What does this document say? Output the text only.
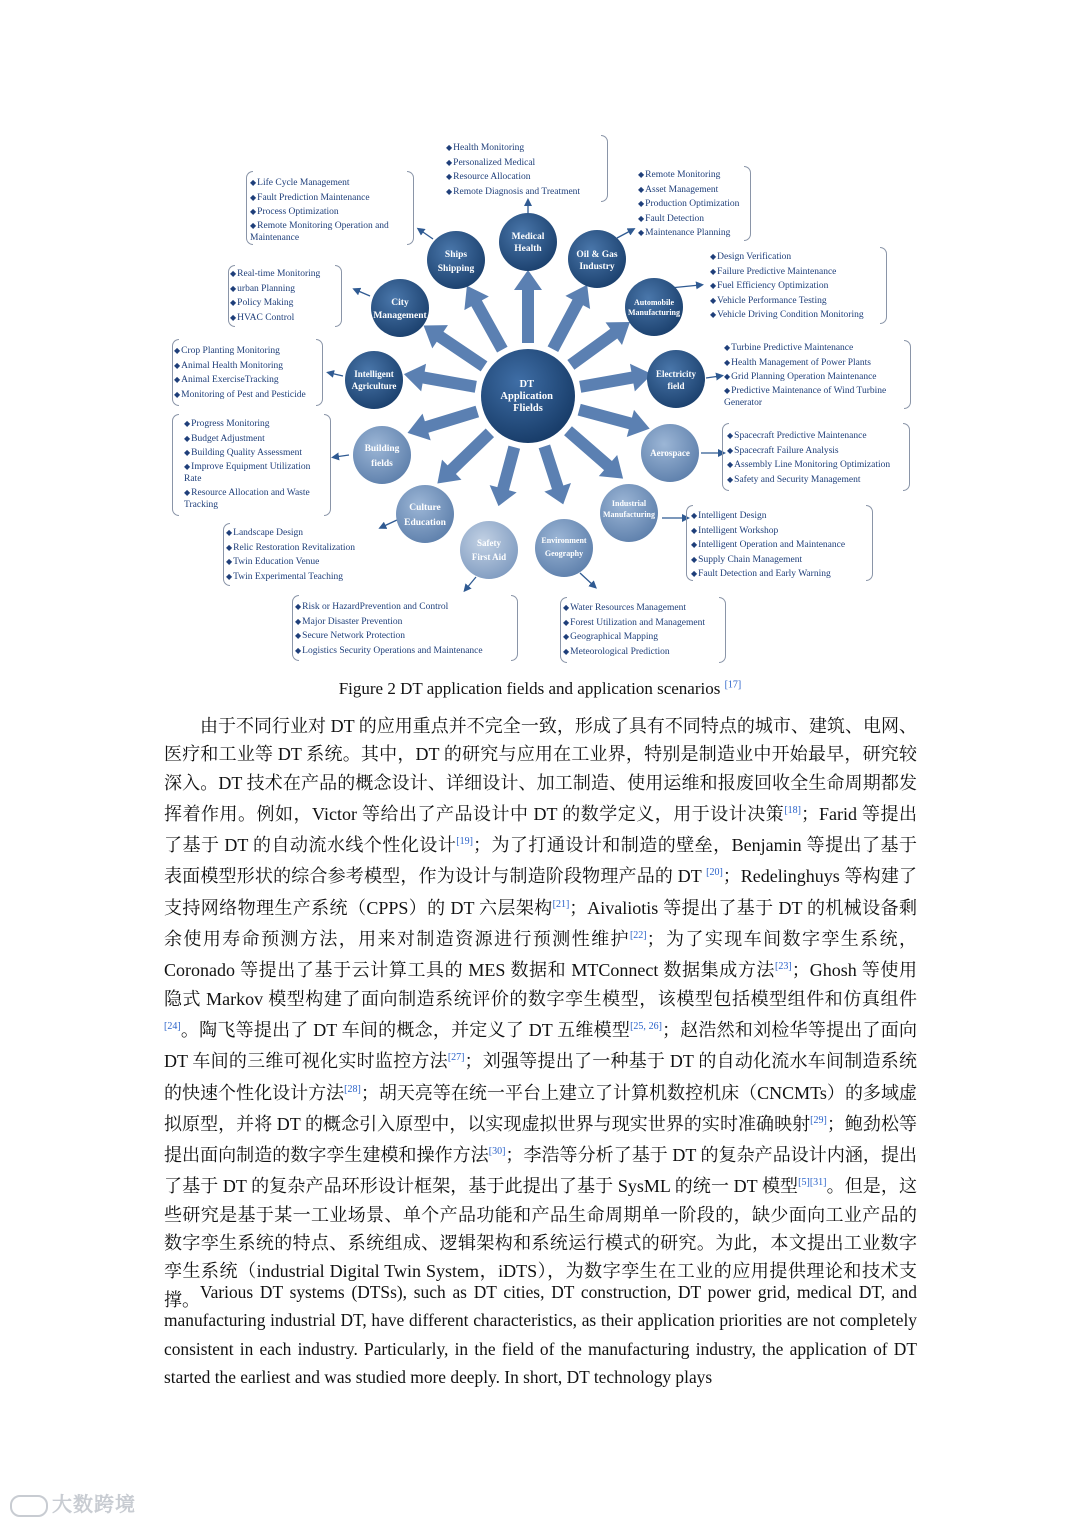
DT Application Flields
Medical Health
Oil & Gas Industry
Automobile Manufacturing
Electricity field
Aerospace
Industrial Manufacturing
Environment Geography
Safety First Aid
Culture Education
Building fields
Intelligent Agriculture
City Management
Ships Shipping
◆ Health Monitoring
◆ Personalized Medical
◆ Resource Allocation
◆ Remote Diagnosis and Treatment
◆ Remote Monitoring
◆ Asset Management
◆ Production Optimization
◆ Fault Detection
◆ Maintenance Planning
◆ Design Verification
◆ Failure Predictive Maintenance
◆ Fuel Efficiency Optimization
◆ Vehicle Performance Testing
◆ Vehicle Driving Condition Monitoring
◆ Turbine Predictive Maintenance
◆ Health Management of Power Plants
◆ Grid Planning Operation Maintenance
◆ Predictive Maintenance of Wind Turbine Generator
◆ Spacecraft Predictive Maintenance
◆ Spacecraft Failure Analysis
◆ Assembly Line Monitoring Optimization
◆ Safety and Security Management
◆ Intelligent Design
◆ Intelligent Workshop
◆ Intelligent Operation and Maintenance
◆ Supply Chain Management
◆ Fault Detection and Early Warning
◆ Water Resources Management
◆ Forest Utilization and Management
◆ Geographical Mapping
◆ Meteorological Prediction
◆ Risk or HazardPrevention and Control
◆ Major Disaster Prevention
◆ Secure Network Protection
◆ Logistics Security Operations and Maintenance
◆ Landscape Design
◆ Relic Restoration Revitalization
◆ Twin Education Venue
◆ Twin Experimental Teaching
◆ Progress Monitoring
◆ Budget Adjustment
◆ Building Quality Assessment
◆ Improve Equipment Utilization Rate
◆ Resource Allocation and Waste Tracking
◆ Crop Planting Monitoring
◆ Animal Health Monitoring
◆ Animal ExerciseTracking
◆ Monitoring of Pest and Pesticide
◆ Real-time Monitoring
◆ urban Planning
◆ Policy Making
◆ HVAC Control
◆ Life Cycle Management
◆ Fault Prediction Maintenance
◆ Process Optimization
◆ Remote Monitoring Operation and Maintenance
Figure 2 DT application fields and application scenarios [17]

由于不同行业对 DT 的应用重点并不完全一致，形成了具有不同特点的城市、建筑、电网、医疗和工业等 DT 系统。其中，DT 的研究与应用在工业界，特别是制造业中开始最早，研究较深入。DT 技术在产品的概念设计、详细设计、加工制造、使用运维和报废回收全生命周期都发挥着作用。例如，Victor 等给出了产品设计中 DT 的数学定义，用于设计决策[18]；Farid 等提出了基于 DT 的自动流水线个性化设计[19]；为了打通设计和制造的壁垒，Benjamin 等提出了基于表面模型形状的综合参考模型，作为设计与制造阶段物理产品的 DT [20]；Redelinghuys 等构建了支持网络物理生产系统（CPPS）的 DT 六层架构[21]；Aivaliotis 等提出了基于 DT 的机械设备剩余使用寿命预测方法，用来对制造资源进行预测性维护[22]；为了实现车间数字孪生系统，Coronado 等提出了基于云计算工具的 MES 数据和 MTConnect 数据集成方法[23]；Ghosh 等使用隐式 Markov 模型构建了面向制造系统评价的数字孪生模型，该模型包括模型组件和仿真组件[24]。陶飞等提出了 DT 车间的概念，并定义了 DT 五维模型[25, 26]；赵浩然和刘检华等提出了面向 DT 车间的三维可视化实时监控方法[27]；刘强等提出了一种基于 DT 的自动化流水车间制造系统的快速个性化设计方法[28]；胡天亮等在统一平台上建立了计算机数控机床（CNCMTs）的多域虚拟原型，并将 DT 的概念引入原型中，以实现虚拟世界与现实世界的实时准确映射[29]；鲍劲松等提出面向制造的数字孪生建模和操作方法[30]；李浩等分析了基于 DT 的复杂产品设计内涵，提出了基于 DT 的复杂产品环形设计框架，基于此提出了基于 SysML 的统一 DT 模型[5][31]。但是，这些研究是基于某一工业场景、单个产品功能和产品生命周期单一阶段的，缺少面向工业产品的数字孪生系统的特点、系统组成、逻辑架构和系统运行模式的研究。为此，本文提出工业数字孪生系统（industrial Digital Twin System，iDTS），为数字孪生在工业的应用提供理论和技术支撑。 Various DT systems (DTSs), such as DT cities, DT construction, DT power grid, medical DT, and manufacturing industrial DT, have different characteristics, as their application priorities are not completely consistent in each industry. Particularly, in the field of the manufacturing industry, the application of DT started the earliest and was studied more deeply. In short, DT technology plays

大数跨境
